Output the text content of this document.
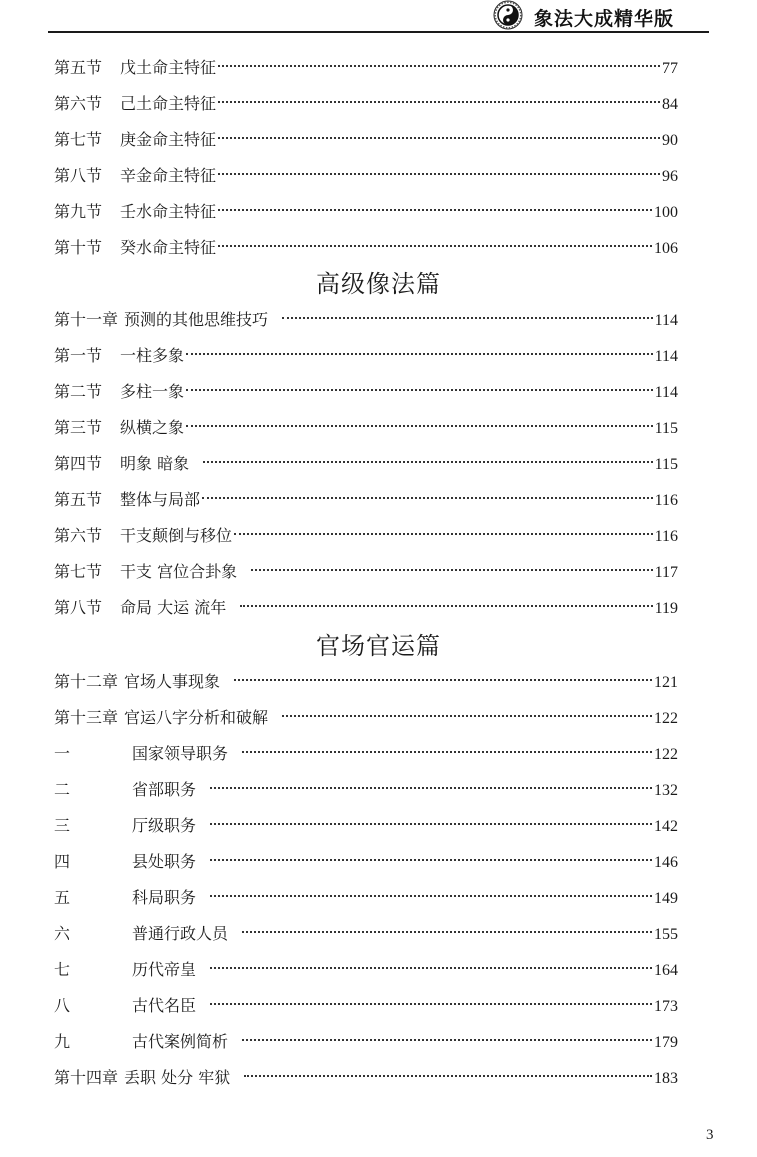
象法大成精华版
第五节 戊土命主特征	77
第六节 己土命主特征	84
第七节 庚金命主特征	90
第八节 辛金命主特征	96
第九节 壬水命主特征	100
第十节 癸水命主特征	106
高级像法篇
第十一章 预测的其他思维技巧	114
第一节 一柱多象	114
第二节 多柱一象	114
第三节 纵横之象	115
第四节 明象 暗象	115
第五节 整体与局部	116
第六节 干支颠倒与移位	116
第七节 干支 宫位合卦象	117
第八节 命局 大运 流年	119
官场官运篇
第十二章 官场人事现象	121
第十三章 官运八字分析和破解	122
一	国家领导职务	122
二	省部职务	132
三	厅级职务	142
四	县处职务	146
五	科局职务	149
六	普通行政人员	155
七	历代帝皇	164
八	古代名臣	173
九	古代案例简析	179
第十四章 丢职 处分 牢狱	183
3
